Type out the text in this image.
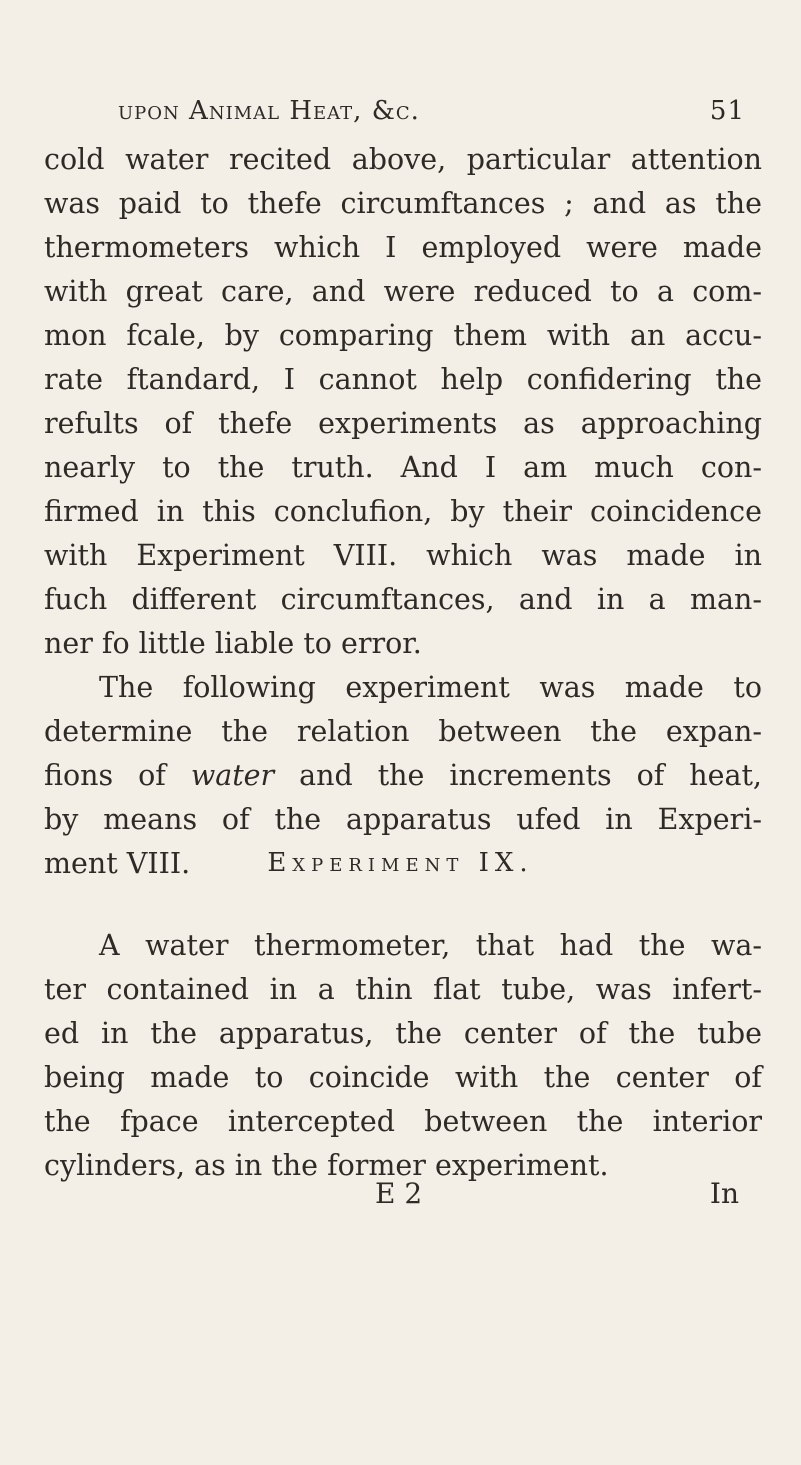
upon Animal Heat, &c.	51
cold water recited above, particular attention
was paid to thefe circumftances ; and as the
thermometers which I employed were made
with great care, and were reduced to a com-
mon fcale, by comparing them with an accu-
rate ftandard, I cannot help confidering the
refults of thefe experiments as approaching
nearly to the truth. And I am much con-
firmed in this conclufion, by their coincidence
with Experiment VIII. which was made in
fuch different circumftances, and in a man-
ner fo little liable to error.
The following experiment was made to
determine the relation between the expan-
fions of water and the increments of heat,
by means of the apparatus ufed in Experi-
ment VIII.	Experiment IX.
A water thermometer, that had the wa-
ter contained in a thin flat tube, was infert-
ed in the apparatus, the center of the tube
being made to coincide with the center of
the fpace intercepted between the interior
cylinders, as in the former experiment.
E 2	In
